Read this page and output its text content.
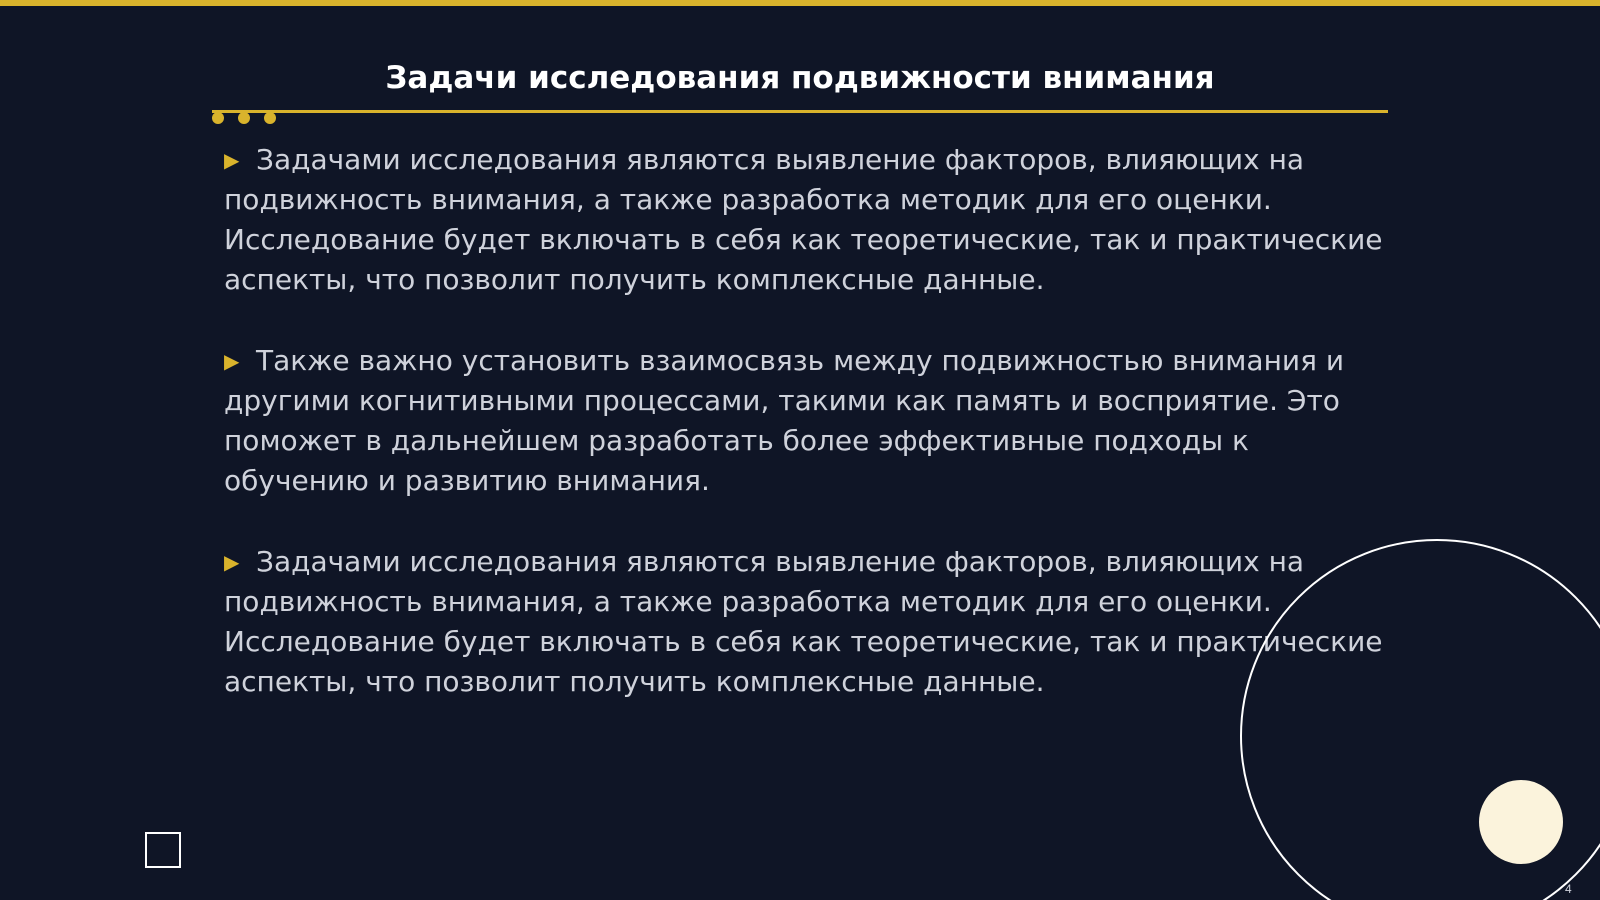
Задачи исследования подвижности внимания

▶ Задачами исследования являются выявление факторов, влияющих на подвижность внимания, а также разработка методик для его оценки. Исследование будет включать в себя как теоретические, так и практические аспекты, что позволит получить комплексные данные.

▶ Также важно установить взаимосвязь между подвижностью внимания и другими когнитивными процессами, такими как память и восприятие. Это поможет в дальнейшем разработать более эффективные подходы к обучению и развитию внимания.

▶ Задачами исследования являются выявление факторов, влияющих на подвижность внимания, а также разработка методик для его оценки. Исследование будет включать в себя как теоретические, так и практические аспекты, что позволит получить комплексные данные.

4
